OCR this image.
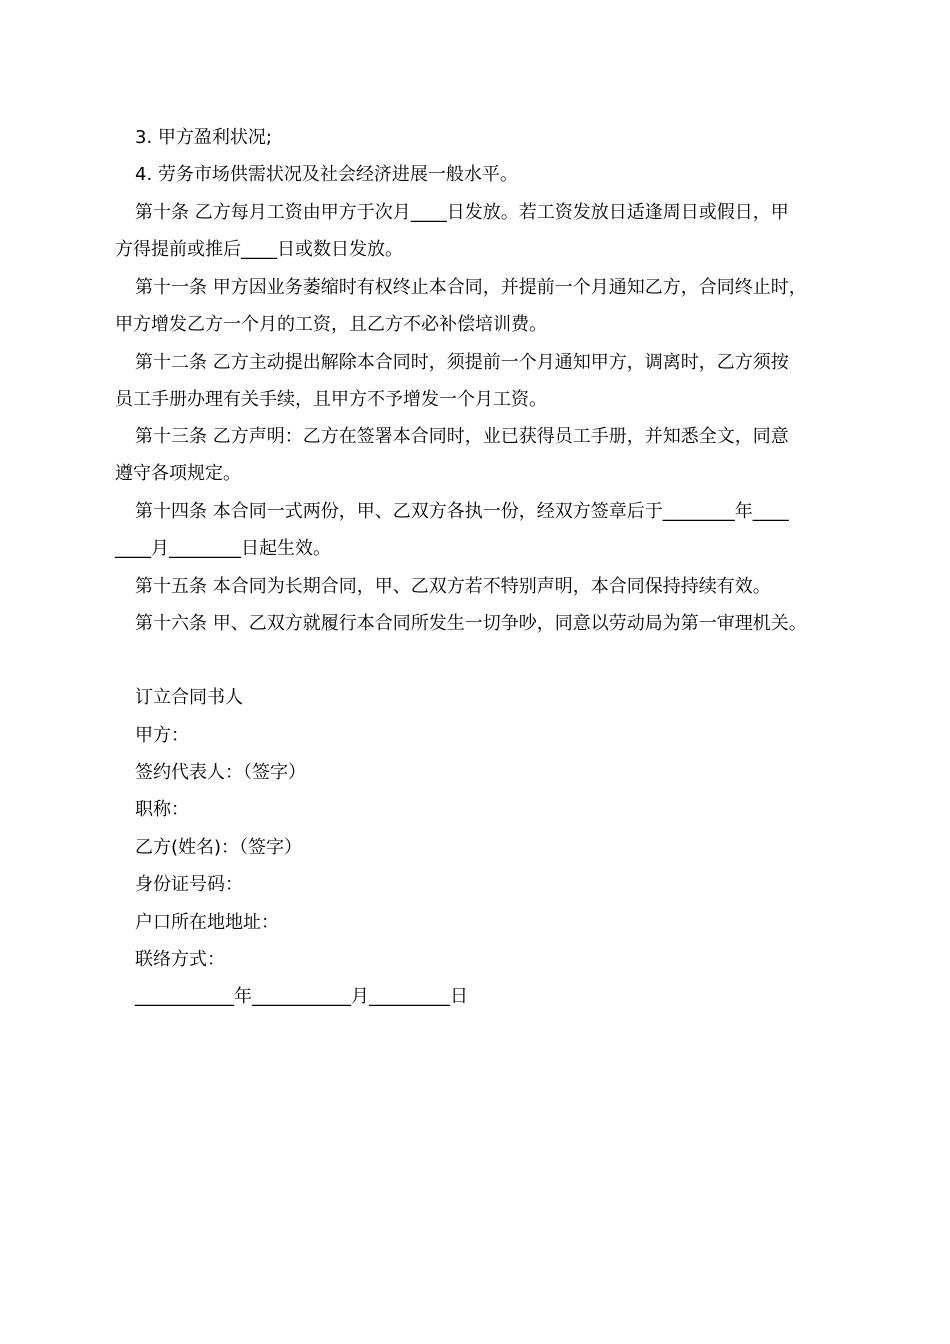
3. 甲方盈利状况;
4. 劳务市场供需状况及社会经济进展一般水平。
第十条 乙方每月工资由甲方于次月____日发放。若工资发放日适逢周日或假日，甲
方得提前或推后____日或数日发放。
第十一条 甲方因业务萎缩时有权终止本合同，并提前一个月通知乙方，合同终止时，
甲方增发乙方一个月的工资，且乙方不必补偿培训费。
第十二条 乙方主动提出解除本合同时，须提前一个月通知甲方，调离时，乙方须按
员工手册办理有关手续，且甲方不予增发一个月工资。
第十三条 乙方声明：乙方在签署本合同时，业已获得员工手册，并知悉全文，同意
遵守各项规定。
第十四条 本合同一式两份，甲、乙双方各执一份，经双方签章后于________年____
____月________日起生效。
第十五条 本合同为长期合同，甲、乙双方若不特别声明，本合同保持持续有效。
第十六条 甲、乙双方就履行本合同所发生一切争吵，同意以劳动局为第一审理机关。
订立合同书人
甲方：
签约代表人：（签字）
职称：
乙方(姓名)：（签字）
身份证号码：
户口所在地地址：
联络方式：
___________年___________月_________日
